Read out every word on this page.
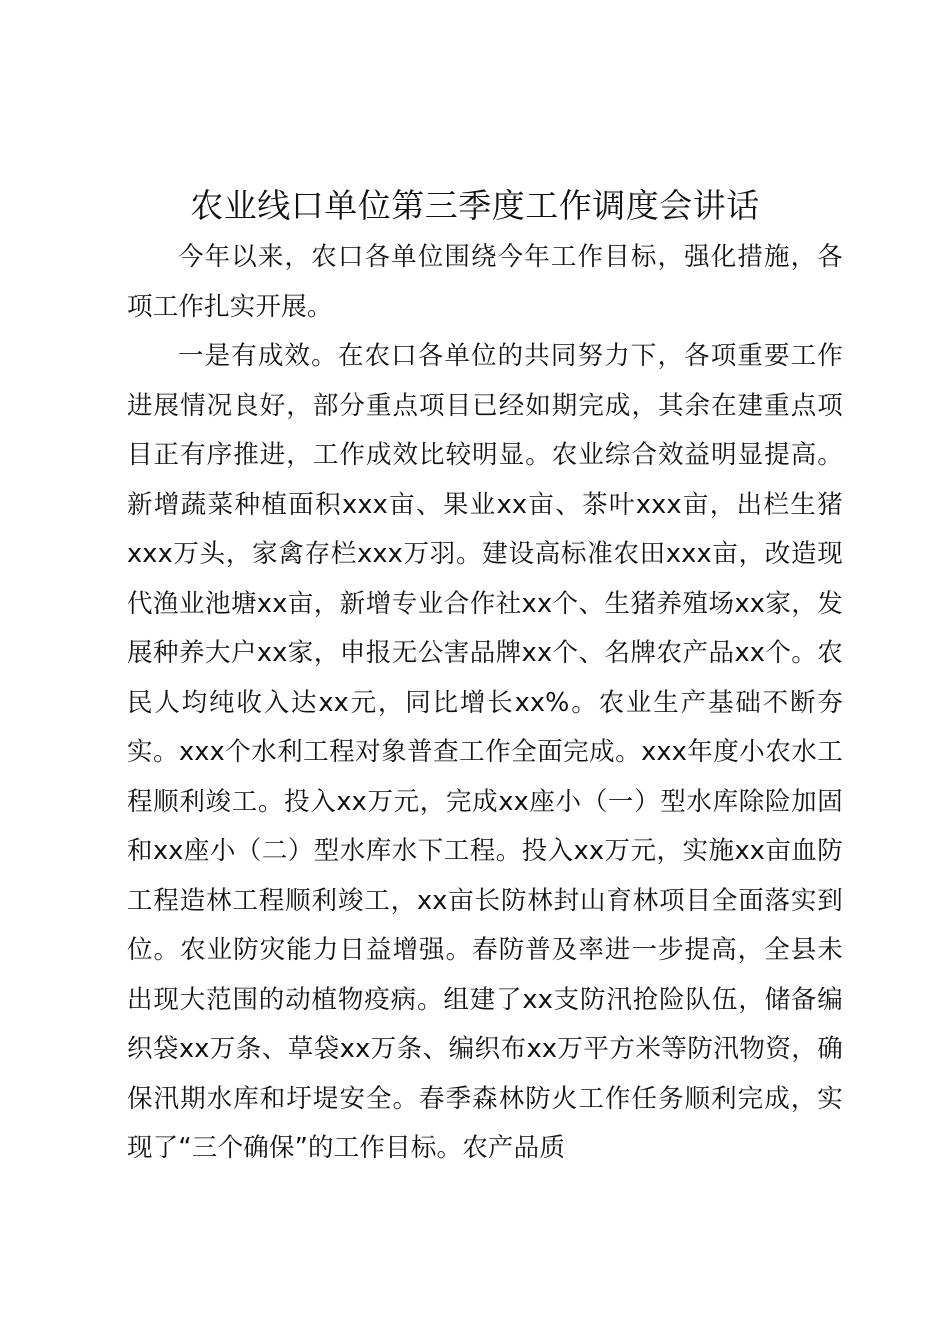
农业线口单位第三季度工作调度会讲话

今年以来，农口各单位围绕今年工作目标，强化措施，各项工作扎实开展。

一是有成效。在农口各单位的共同努力下，各项重要工作进展情况良好，部分重点项目已经如期完成，其余在建重点项目正有序推进，工作成效比较明显。农业综合效益明显提高。新增蔬菜种植面积xxx亩、果业xx亩、茶叶xxx亩，出栏生猪xxx万头，家禽存栏xxx万羽。建设高标准农田xxx亩，改造现代渔业池塘xx亩，新增专业合作社xx个、生猪养殖场xx家，发展种养大户xx家，申报无公害品牌xx个、名牌农产品xx个。农民人均纯收入达xx元，同比增长xx%。农业生产基础不断夯实。xxx个水利工程对象普查工作全面完成。xxx年度小农水工程顺利竣工。投入xx万元，完成xx座小（一）型水库除险加固和xx座小（二）型水库水下工程。投入xx万元，实施xx亩血防工程造林工程顺利竣工，xx亩长防林封山育林项目全面落实到位。农业防灾能力日益增强。春防普及率进一步提高，全县未出现大范围的动植物疫病。组建了xx支防汛抢险队伍，储备编织袋xx万条、草袋xx万条、编织布xx万平方米等防汛物资，确保汛期水库和圩堤安全。春季森林防火工作任务顺利完成，实现了“三个确保”的工作目标。农产品质
